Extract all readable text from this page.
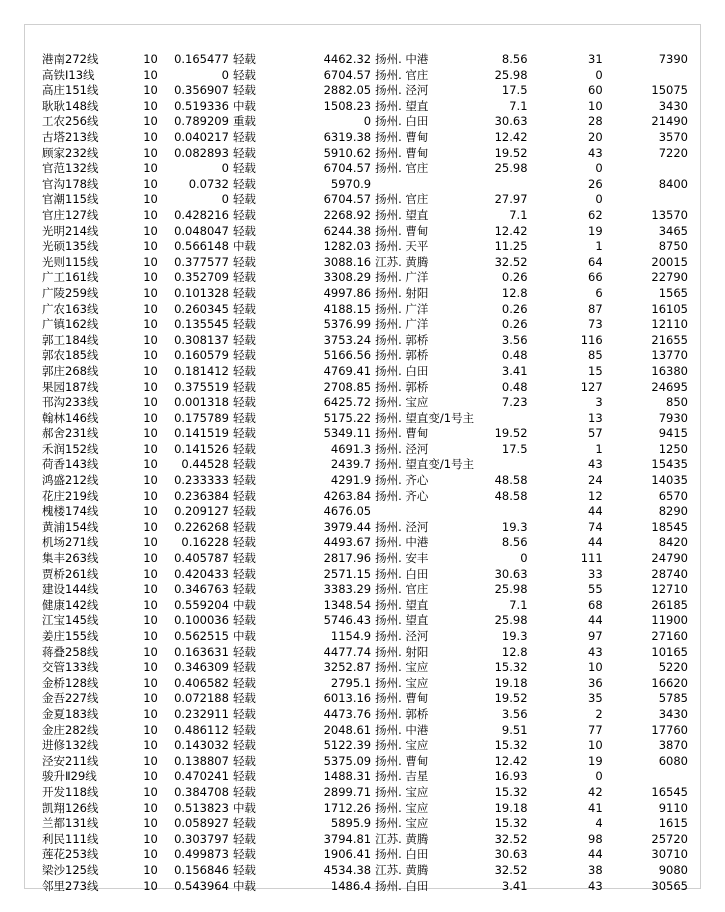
港南272线	10	0.165477	轻载		4462.32	扬州. 中港	8.56		31		7390
高铁Ⅰ13线	10	0	轻载		6704.57	扬州. 官庄	25.98		0		
高庄151线	10	0.356907	轻载		2882.05	扬州. 泾河	17.5		60		15075
耿耿148线	10	0.519336	中载		1508.23	扬州. 望直	7.1		10		3430
工农256线	10	0.789209	重载		0	扬州. 白田	30.63		28		21490
古塔213线	10	0.040217	轻载		6319.38	扬州. 曹甸	12.42		20		3570
顾家232线	10	0.082893	轻载		5910.62	扬州. 曹甸	19.52		43		7220
官范132线	10	0	轻载		6704.57	扬州. 官庄	25.98		0		
官沟178线	10	0.0732	轻载		5970.9				26		8400
官潮115线	10	0	轻载		6704.57	扬州. 官庄	27.97		0		
官庄127线	10	0.428216	轻载		2268.92	扬州. 望直	7.1		62		13570
光明214线	10	0.048047	轻载		6244.38	扬州. 曹甸	12.42		19		3465
光硕135线	10	0.566148	中载		1282.03	扬州. 天平	11.25		1		8750
光则115线	10	0.377577	轻载		3088.16	江苏. 黄腾	32.52		64		20015
广工161线	10	0.352709	轻载		3308.29	扬州. 广洋	0.26		66		22790
广陵259线	10	0.101328	轻载		4997.86	扬州. 射阳	12.8		6		1565
广农163线	10	0.260345	轻载		4188.15	扬州. 广洋	0.26		87		16105
广镇162线	10	0.135545	轻载		5376.99	扬州. 广洋	0.26		73		12110
郭工184线	10	0.308137	轻载		3753.24	扬州. 郭桥	3.56		116		21655
郭农185线	10	0.160579	轻载		5166.56	扬州. 郭桥	0.48		85		13770
郭庄268线	10	0.181412	轻载		4769.41	扬州. 白田	3.41		15		16380
果园187线	10	0.375519	轻载		2708.85	扬州. 郭桥	0.48		127		24695
邗沟233线	10	0.001318	轻载		6425.72	扬州. 宝应	7.23		3		850
翰林146线	10	0.175789	轻载		5175.22	扬州. 望直变/1号主			13		7930
郝舍231线	10	0.141519	轻载		5349.11	扬州. 曹甸	19.52		57		9415
禾润152线	10	0.141526	轻载		4691.3	扬州. 泾河	17.5		1		1250
荷香143线	10	0.44528	轻载		2439.7	扬州. 望直变/1号主			43		15435
鸿盛212线	10	0.233333	轻载		4291.9	扬州. 齐心	48.58		24		14035
花庄219线	10	0.236384	轻载		4263.84	扬州. 齐心	48.58		12		6570
槐楼174线	10	0.209127	轻载		4676.05				44		8290
黄浦154线	10	0.226268	轻载		3979.44	扬州. 泾河	19.3		74		18545
机场271线	10	0.16228	轻载		4493.67	扬州. 中港	8.56		44		8420
集丰263线	10	0.405787	轻载		2817.96	扬州. 安丰	0		111		24790
贾桥261线	10	0.420433	轻载		2571.15	扬州. 白田	30.63		33		28740
建设144线	10	0.346763	轻载		3383.29	扬州. 官庄	25.98		55		12710
健康142线	10	0.559204	中载		1348.54	扬州. 望直	7.1		68		26185
江宝145线	10	0.100036	轻载		5746.43	扬州. 望直	25.98		44		11900
姜庄155线	10	0.562515	中载		1154.9	扬州. 泾河	19.3		97		27160
蒋叠258线	10	0.163631	轻载		4477.74	扬州. 射阳	12.8		43		10165
交管133线	10	0.346309	轻载		3252.87	扬州. 宝应	15.32		10		5220
金桥128线	10	0.406582	轻载		2795.1	扬州. 宝应	19.18		36		16620
金吾227线	10	0.072188	轻载		6013.16	扬州. 曹甸	19.52		35		5785
金夏183线	10	0.232911	轻载		4473.76	扬州. 郭桥	3.56		2		3430
金庄282线	10	0.486112	轻载		2048.61	扬州. 中港	9.51		77		17760
进修132线	10	0.143032	轻载		5122.39	扬州. 宝应	15.32		10		3870
泾安211线	10	0.138807	轻载		5375.09	扬州. 曹甸	12.42		19		6080
骏升Ⅱ29线	10	0.470241	轻载		1488.31	扬州. 吉星	16.93		0		
开发118线	10	0.384708	轻载		2899.71	扬州. 宝应	15.32		42		16545
凯翔126线	10	0.513823	中载		1712.26	扬州. 宝应	19.18		41		9110
兰都131线	10	0.058927	轻载		5895.9	扬州. 宝应	15.32		4		1615
利民111线	10	0.303797	轻载		3794.81	江苏. 黄腾	32.52		98		25720
莲花253线	10	0.499873	轻载		1906.41	扬州. 白田	30.63		44		30710
梁沙125线	10	0.156846	轻载		4534.38	江苏. 黄腾	32.52		38		9080
邻里273线	10	0.543964	中载		1486.4	扬州. 白田	3.41		43		30565
